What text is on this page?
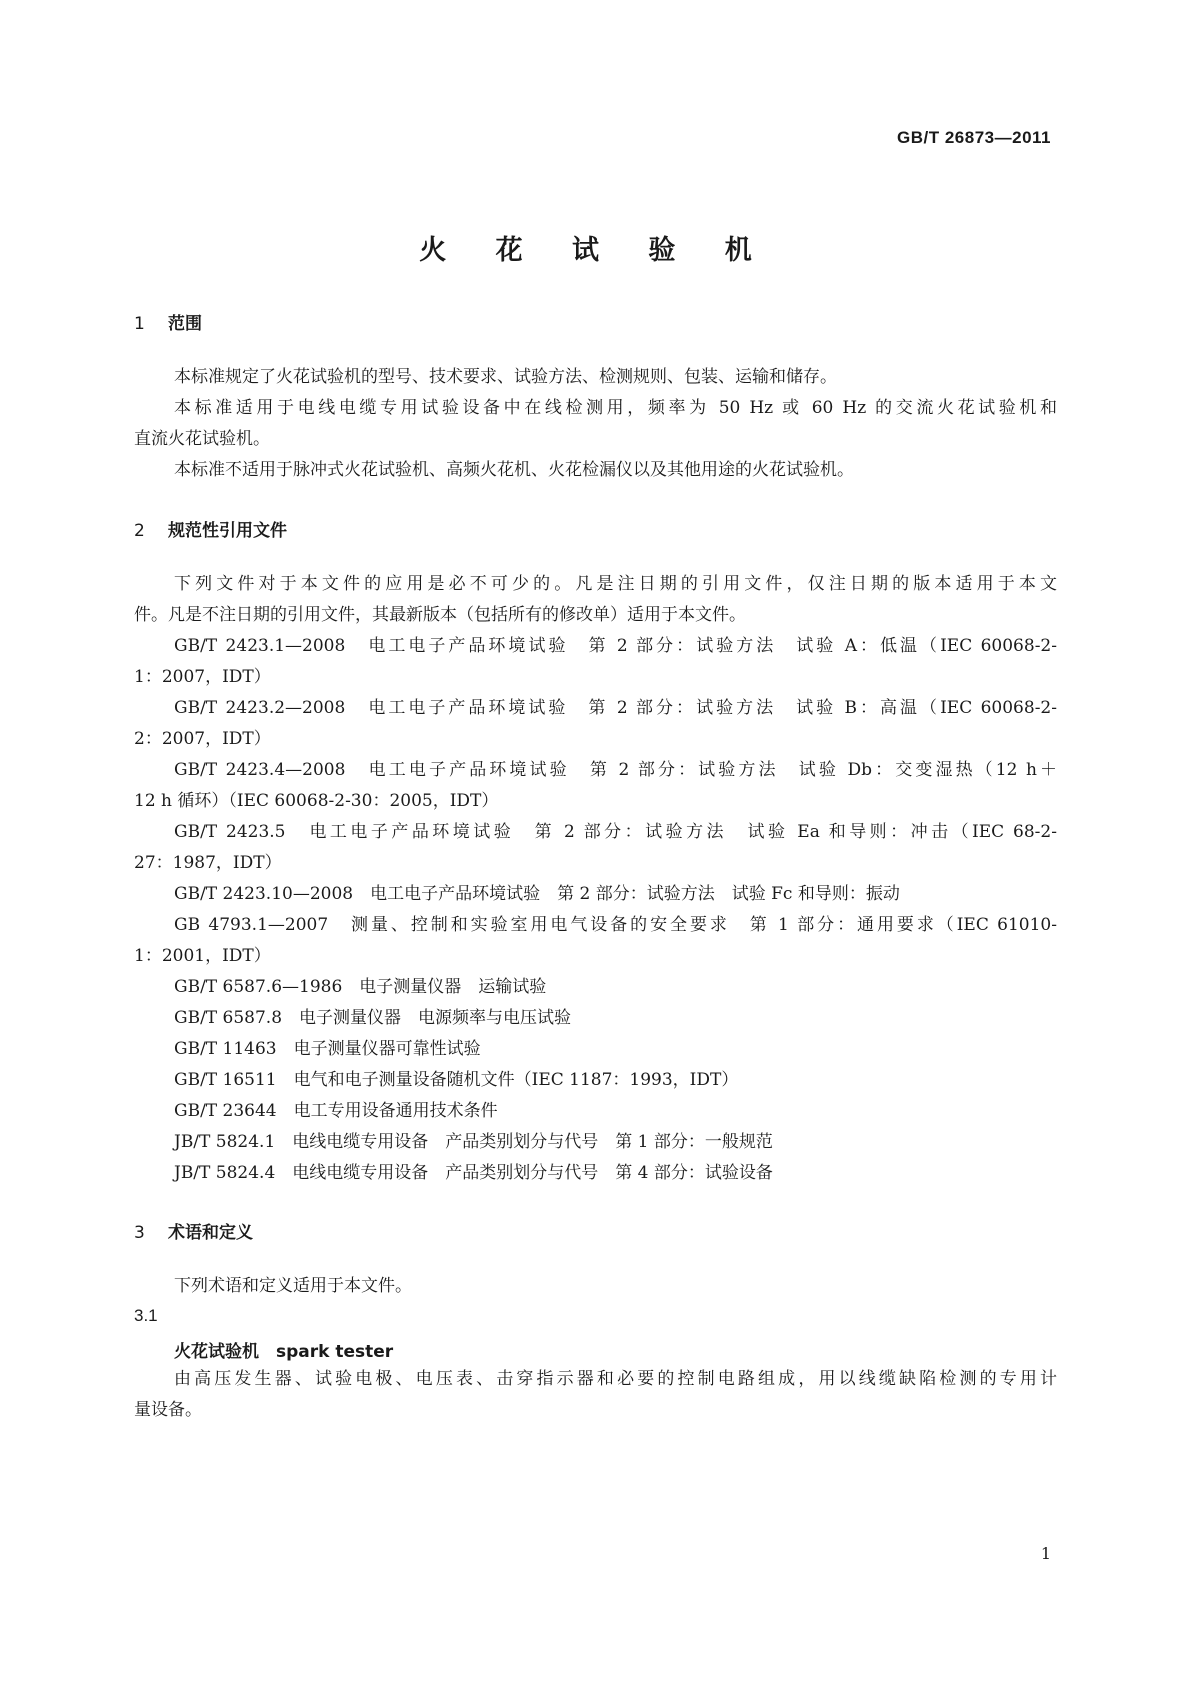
GB/T 26873—2011
火 花 试 验 机
1 范围
本标准规定了火花试验机的型号、技术要求、试验方法、检测规则、包装、运输和储存。
本标准适用于电线电缆专用试验设备中在线检测用，频率为 50 Hz 或 60 Hz 的交流火花试验机和
直流火花试验机。
本标准不适用于脉冲式火花试验机、高频火花机、火花检漏仪以及其他用途的火花试验机。
2 规范性引用文件
下列文件对于本文件的应用是必不可少的。凡是注日期的引用文件，仅注日期的版本适用于本文
件。凡是不注日期的引用文件，其最新版本（包括所有的修改单）适用于本文件。
GB/T 2423.1—2008　电工电子产品环境试验　第 2 部分：试验方法　试验 A：低温（IEC 60068-2-
1：2007，IDT）
GB/T 2423.2—2008　电工电子产品环境试验　第 2 部分：试验方法　试验 B：高温（IEC 60068-2-
2：2007，IDT）
GB/T 2423.4—2008　电工电子产品环境试验　第 2 部分：试验方法　试验 Db：交变湿热（12 h＋
12 h 循环）（IEC 60068-2-30：2005，IDT）
GB/T 2423.5　电工电子产品环境试验　第 2 部分：试验方法　试验 Ea 和导则：冲击（IEC 68-2-
27：1987，IDT）
GB/T 2423.10—2008　电工电子产品环境试验　第 2 部分：试验方法　试验 Fc 和导则：振动
GB 4793.1—2007　测量、控制和实验室用电气设备的安全要求　第 1 部分：通用要求（IEC 61010-
1：2001，IDT）
GB/T 6587.6—1986　电子测量仪器　运输试验
GB/T 6587.8　电子测量仪器　电源频率与电压试验
GB/T 11463　电子测量仪器可靠性试验
GB/T 16511　电气和电子测量设备随机文件（IEC 1187：1993，IDT）
GB/T 23644　电工专用设备通用技术条件
JB/T 5824.1　电线电缆专用设备　产品类别划分与代号　第 1 部分：一般规范
JB/T 5824.4　电线电缆专用设备　产品类别划分与代号　第 4 部分：试验设备
3 术语和定义
下列术语和定义适用于本文件。
3.1
火花试验机　spark tester
由高压发生器、试验电极、电压表、击穿指示器和必要的控制电路组成，用以线缆缺陷检测的专用计
量设备。
1
